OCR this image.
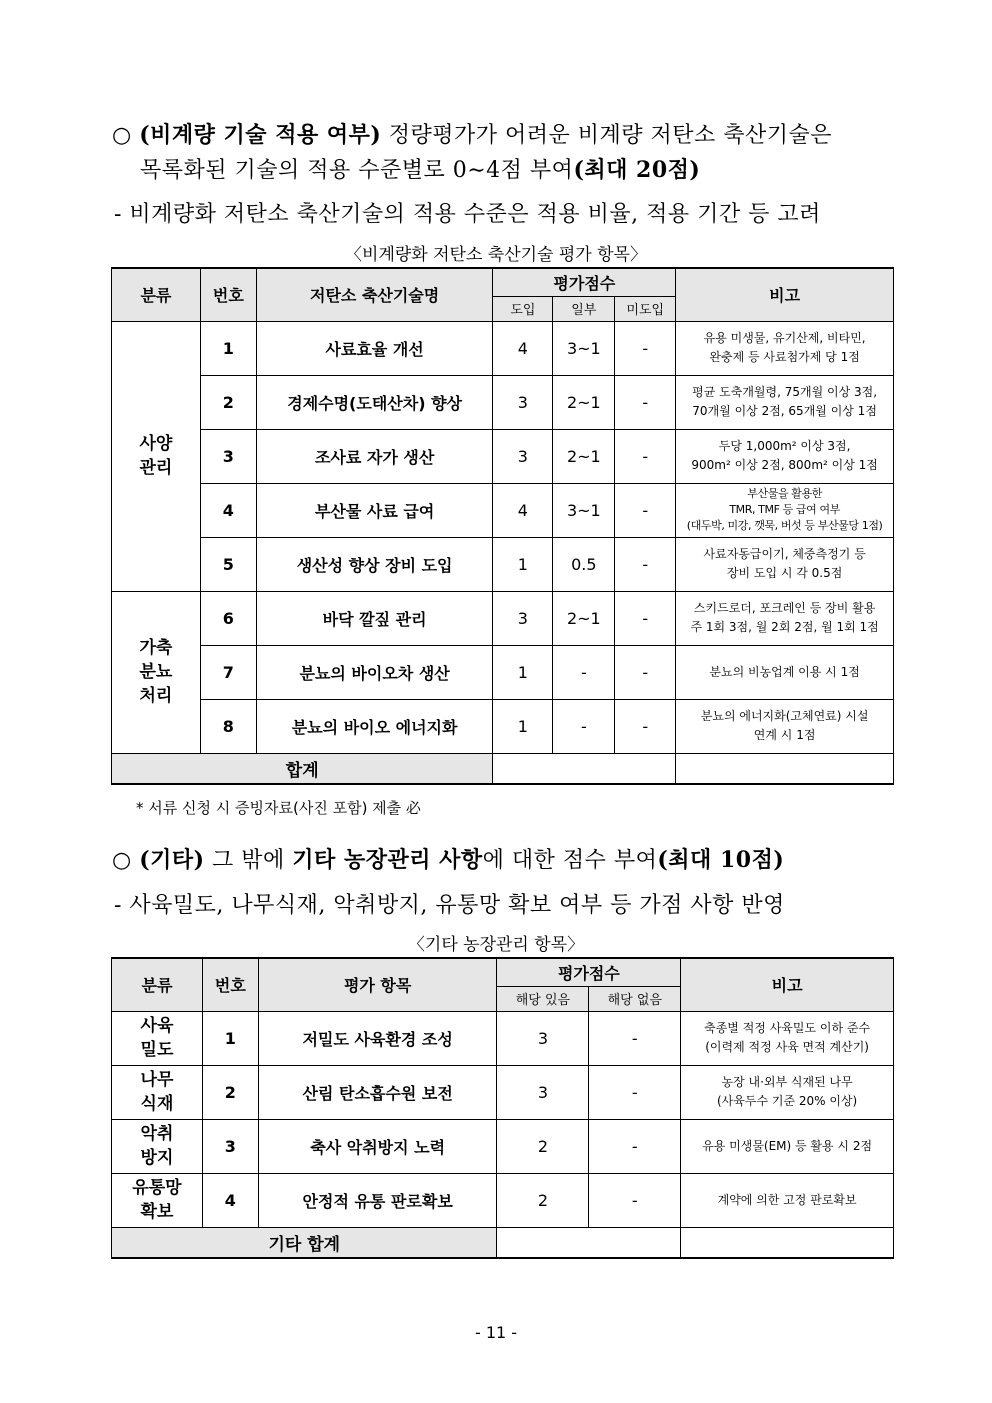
○ (비계량 기술 적용 여부) 정량평가가 어려운 비계량 저탄소 축산기술은
목록화된 기술의 적용 수준별로 0∼4점 부여(최대 20점)
- 비계량화 저탄소 축산기술의 적용 수준은 적용 비율, 적용 기간 등 고려
〈비계량화 저탄소 축산기술 평가 항목〉
분류	번호	저탄소 축산기술명	평가점수			비고
			도입	일부	미도입	
사양
관리	1	사료효율 개선	4	3~1	-	유용 미생물, 유기산제, 비타민,
완충제 등 사료첨가제 당 1점
	2	경제수명(도태산차) 향상	3	2~1	-	평균 도축개월령, 75개월 이상 3점,
70개월 이상 2점, 65개월 이상 1점
	3	조사료 자가 생산	3	2~1	-	두당 1,000m² 이상 3점,
900m² 이상 2점, 800m² 이상 1점
	4	부산물 사료 급여	4	3~1	-	부산물을 활용한
TMR, TMF 등 급여 여부
(대두박, 미강, 깻묵, 버섯 등 부산물당 1점)
	5	생산성 향상 장비 도입	1	0.5	-	사료자동급이기, 체중측정기 등
장비 도입 시 각 0.5점
가축
분뇨
처리	6	바닥 깔짚 관리	3	2~1	-	스키드로더, 포크레인 등 장비 활용
주 1회 3점, 월 2회 2점, 월 1회 1점
	7	분뇨의 바이오차 생산	1	-	-	분뇨의 비농업계 이용 시 1점
	8	분뇨의 바이오 에너지화	1	-	-	분뇨의 에너지화(고체연료) 시설
연계 시 1점
합계						
* 서류 신청 시 증빙자료(사진 포함) 제출 必
○ (기타) 그 밖에 기타 농장관리 사항에 대한 점수 부여(최대 10점)
- 사육밀도, 나무식재, 악취방지, 유통망 확보 여부 등 가점 사항 반영
〈기타 농장관리 항목〉
분류	번호	평가 항목	평가점수		비고
			해당 있음	해당 없음	
사육
밀도	1	저밀도 사육환경 조성	3	-	축종별 적정 사육밀도 이하 준수
(이력제 적정 사육 면적 계산기)
나무
식재	2	산림 탄소흡수원 보전	3	-	농장 내·외부 식재된 나무
(사육두수 기준 20% 이상)
악취
방지	3	축사 악취방지 노력	2	-	유용 미생물(EM) 등 활용 시 2점
유통망
확보	4	안정적 유통 판로확보	2	-	계약에 의한 고정 판로확보
기타 합계					
- 11 -
